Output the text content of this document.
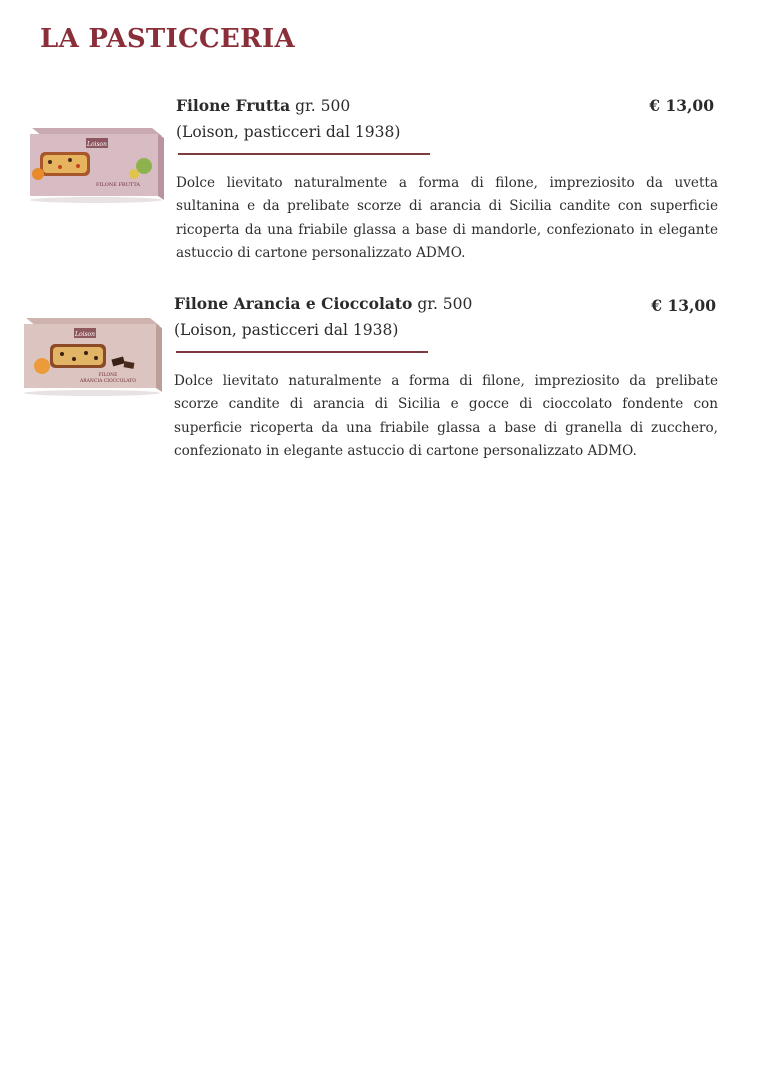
LA PASTICCERIA
Loison
FILONE FRUTTA
Filone Frutta gr. 500
(Loison, pasticceri dal 1938)
€ 13,00
Dolce lievitato naturalmente a forma di filone, impreziosito da uvetta sultanina e da prelibate scorze di arancia di Sicilia candite con superficie ricoperta da una friabile glassa a base di mandorle, confezionato in elegante astuccio di cartone personalizzato ADMO.
Loison
FILONE
ARANCIA CIOCCOLATO
Filone Arancia e Cioccolato gr. 500
(Loison, pasticceri dal 1938)
€ 13,00
Dolce lievitato naturalmente a forma di filone, impreziosito da prelibate scorze candite di arancia di Sicilia e gocce di cioccolato fondente con superficie ricoperta da una friabile glassa a base di granella di zucchero, confezionato in elegante astuccio di cartone personalizzato ADMO.
